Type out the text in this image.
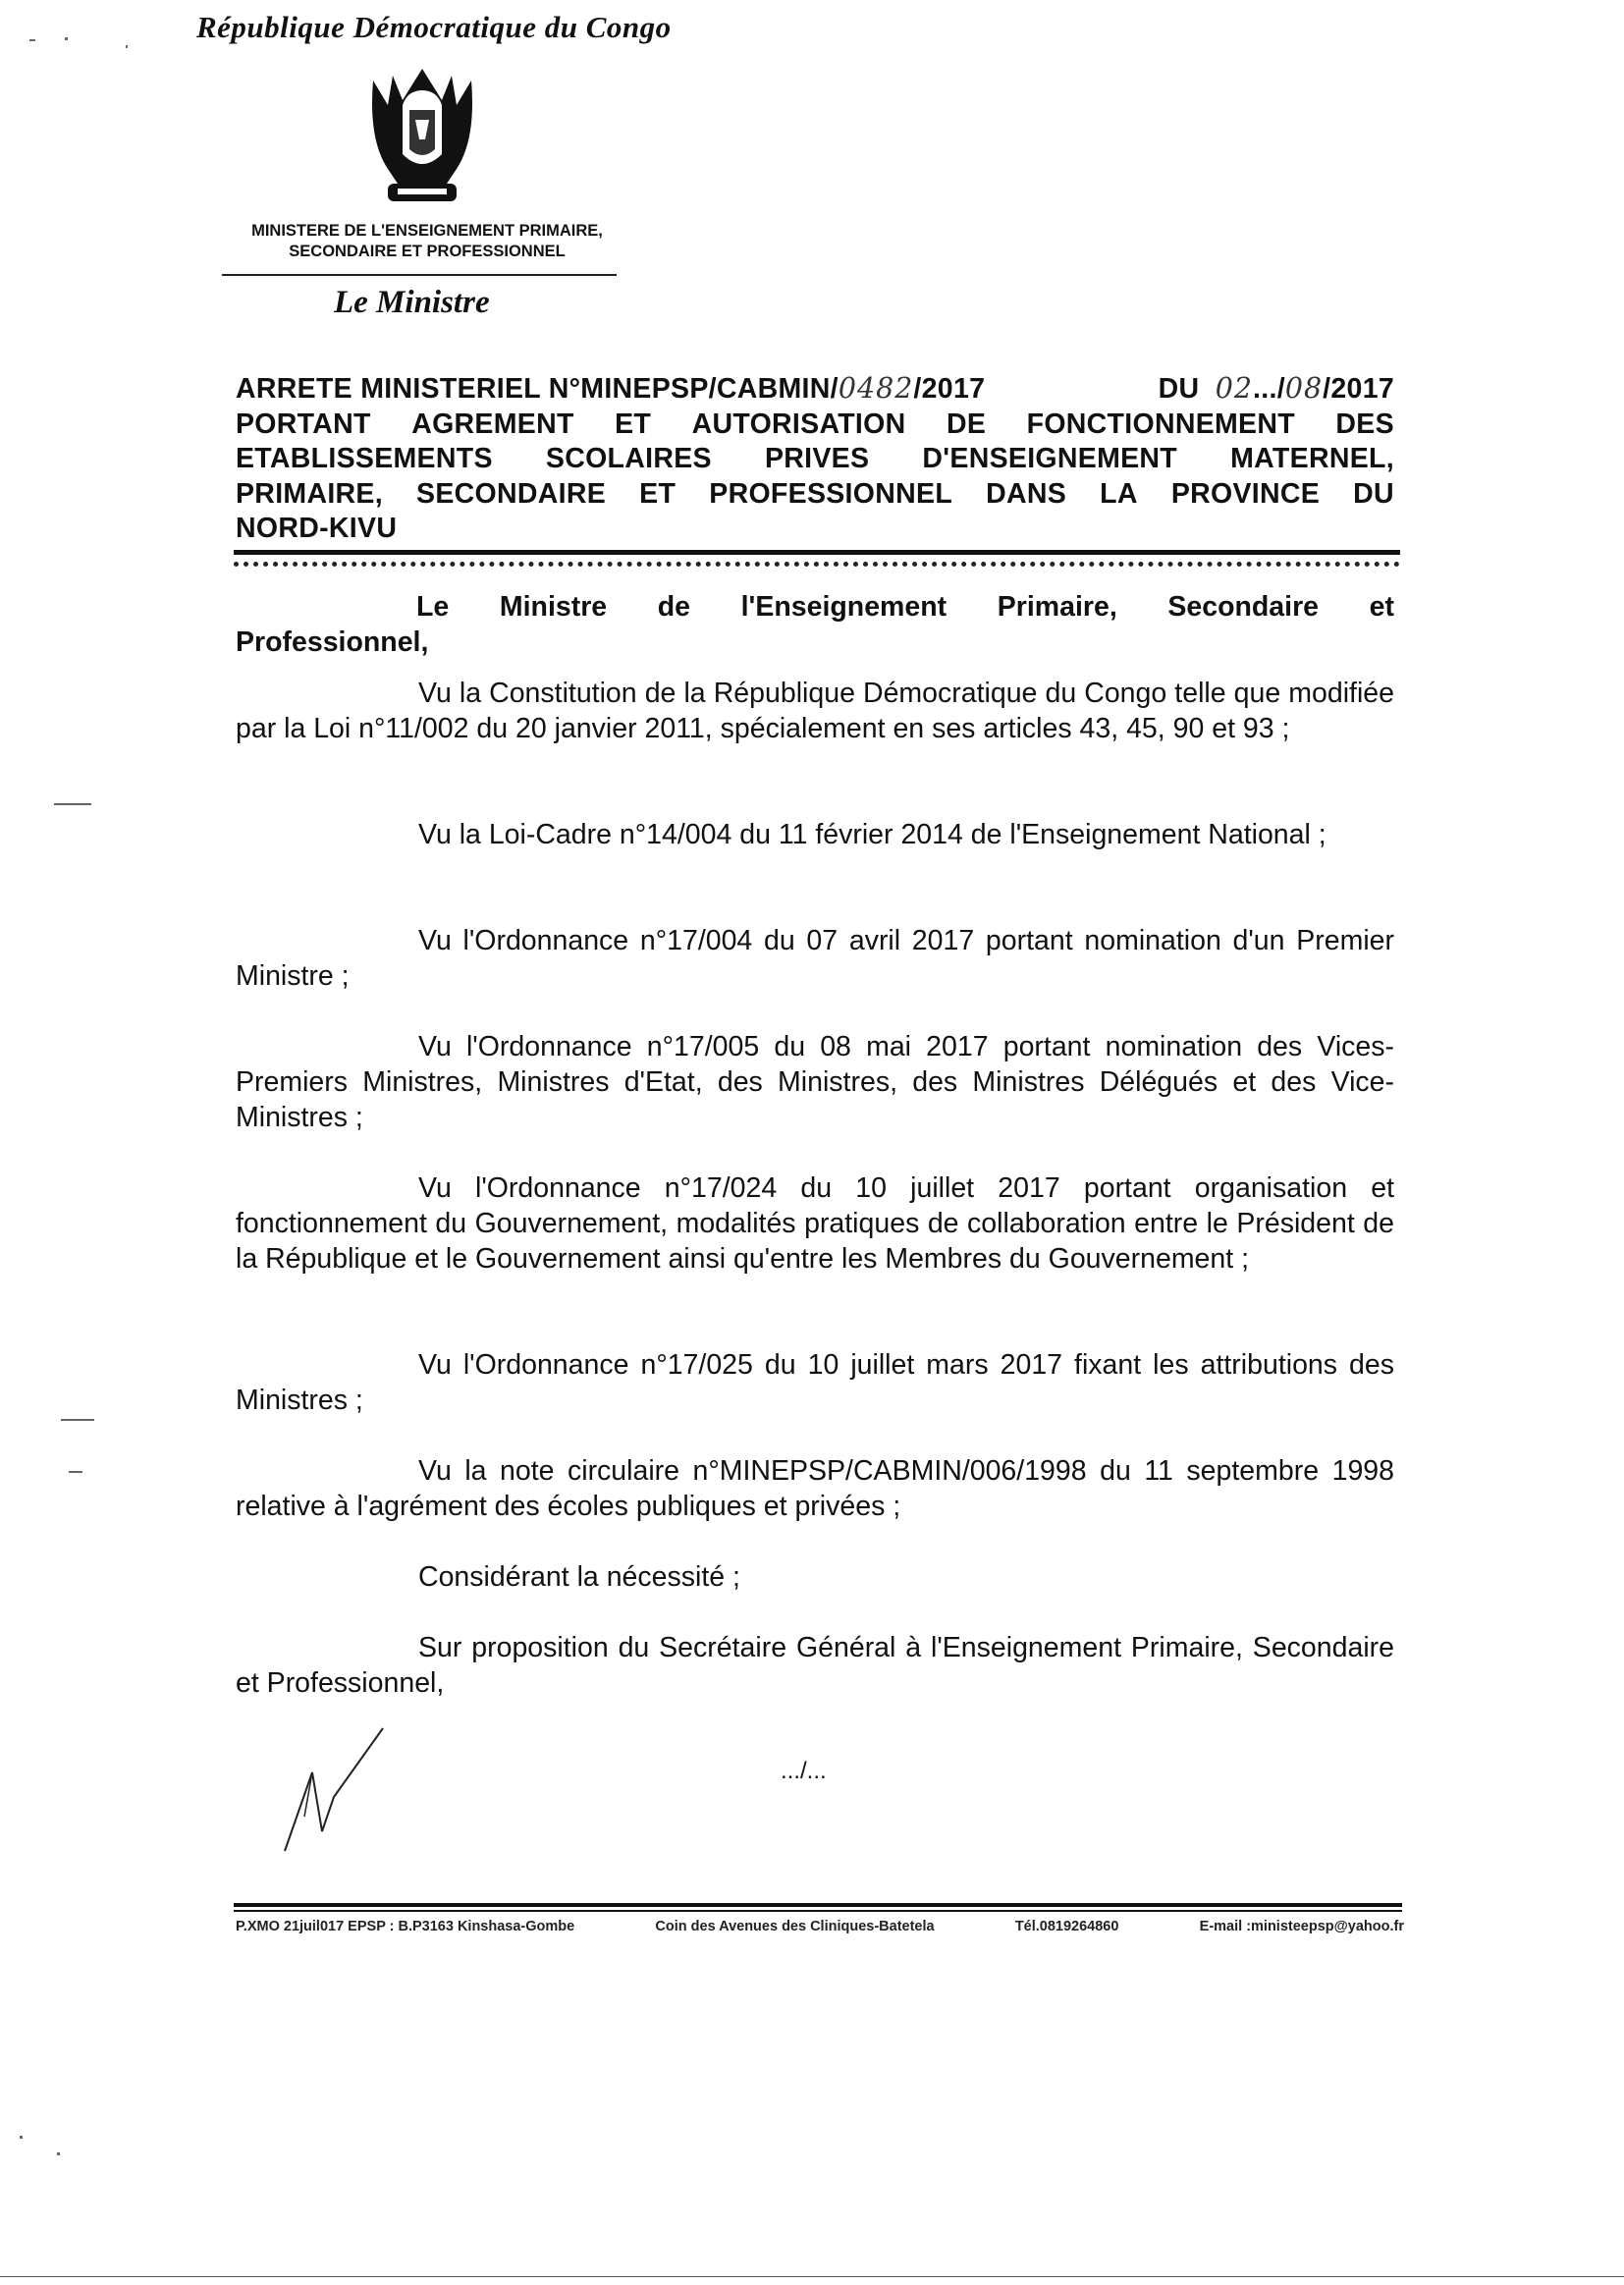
République Démocratique du Congo
MINISTERE DE L'ENSEIGNEMENT PRIMAIRE,
SECONDAIRE ET PROFESSIONNEL
Le Ministre
ARRETE MINISTERIEL N°MINEPSP/CABMIN/0482/2017	DU 02.../08/2017
PORTANT AGREMENT ET AUTORISATION DE FONCTIONNEMENT DES
ETABLISSEMENTS SCOLAIRES PRIVES D'ENSEIGNEMENT MATERNEL,
PRIMAIRE, SECONDAIRE ET PROFESSIONNEL DANS LA PROVINCE DU
NORD-KIVU
Le Ministre de l'Enseignement Primaire, Secondaire et
Professionnel,

Vu la Constitution de la République Démocratique du Congo telle que modifiée par la Loi n°11/002 du 20 janvier 2011, spécialement en ses articles 43, 45, 90 et 93 ;

Vu la Loi-Cadre n°14/004 du 11 février 2014 de l'Enseignement National ;

Vu l'Ordonnance n°17/004 du 07 avril 2017 portant nomination d'un Premier Ministre ;

Vu l'Ordonnance n°17/005 du 08 mai 2017 portant nomination des Vices-Premiers Ministres, Ministres d'Etat, des Ministres, des Ministres Délégués et des Vice-Ministres ;

Vu l'Ordonnance n°17/024 du 10 juillet 2017 portant organisation et fonctionnement du Gouvernement, modalités pratiques de collaboration entre le Président de la République et le Gouvernement ainsi qu'entre les Membres du Gouvernement ;

Vu l'Ordonnance n°17/025 du 10 juillet mars 2017 fixant les attributions des Ministres ;

Vu la note circulaire n°MINEPSP/CABMIN/006/1998 du 11 septembre 1998 relative à l'agrément des écoles publiques et privées ;

Considérant la nécessité ;

Sur proposition du Secrétaire Général à l'Enseignement Primaire, Secondaire et Professionnel,

.../...
P.XMO 21juil017 EPSP : B.P3163 Kinshasa-Gombe	Coin des Avenues des Cliniques-Batetela	Tél.0819264860	E-mail :ministeepsp@yahoo.fr
